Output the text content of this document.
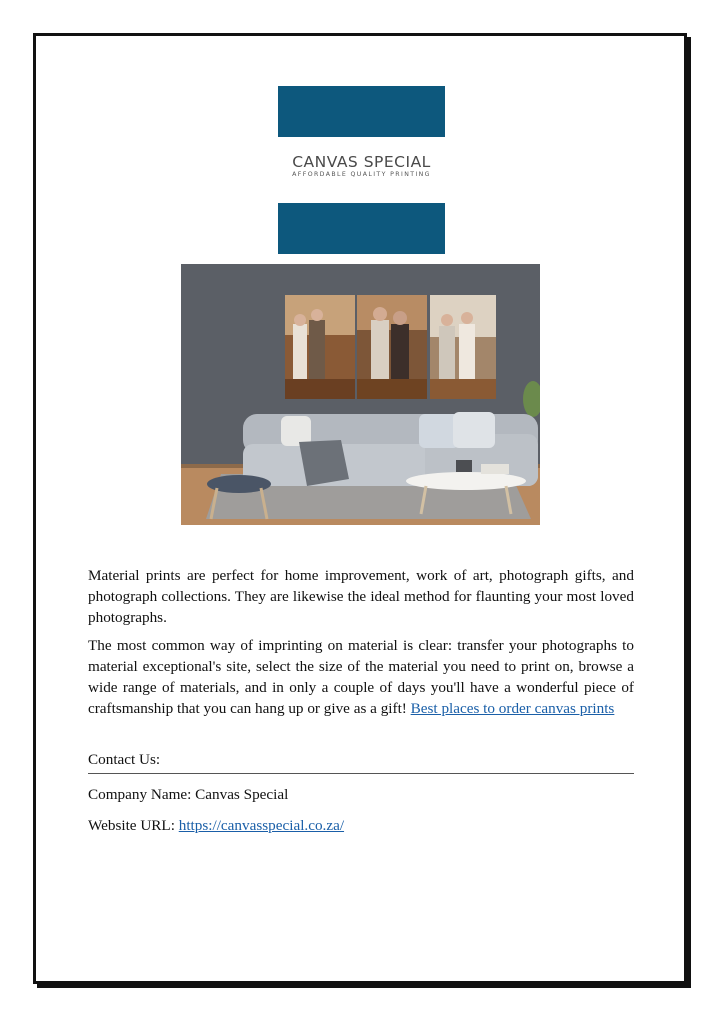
CANVAS SPECIAL
AFFORDABLE QUALITY PRINTING

Material prints are perfect for home improvement, work of art, photograph gifts, and photograph collections. They are likewise the ideal method for flaunting your most loved photographs.

The most common way of imprinting on material is clear: transfer your photographs to material exceptional's site, select the size of the material you need to print on, browse a wide range of materials, and in only a couple of days you'll have a wonderful piece of craftsmanship that you can hang up or give as a gift! Best places to order canvas prints

Contact Us:
Company Name: Canvas Special
Website URL: https://canvasspecial.co.za/
